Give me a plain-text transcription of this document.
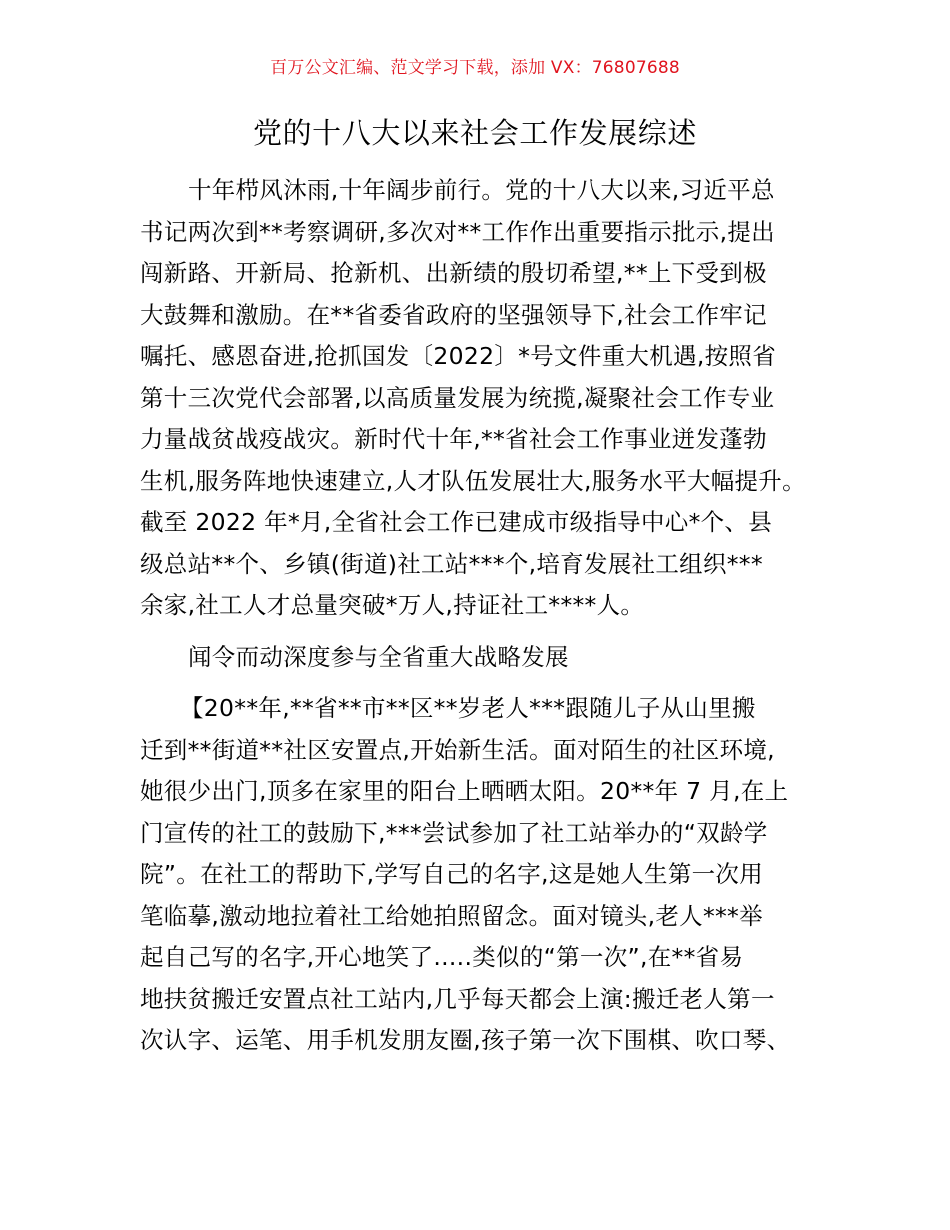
百万公文汇编、范文学习下载，添加 VX：76807688
党的十八大以来社会工作发展综述
十年栉风沐雨,十年阔步前行。党的十八大以来,习近平总
书记两次到**考察调研,多次对**工作作出重要指示批示,提出
闯新路、开新局、抢新机、出新绩的殷切希望,**上下受到极
大鼓舞和激励。在**省委省政府的坚强领导下,社会工作牢记
嘱托、感恩奋进,抢抓国发〔2022〕*号文件重大机遇,按照省
第十三次党代会部署,以高质量发展为统揽,凝聚社会工作专业
力量战贫战疫战灾。新时代十年,**省社会工作事业迸发蓬勃
生机,服务阵地快速建立,人才队伍发展壮大,服务水平大幅提升。
截至 2022 年*月,全省社会工作已建成市级指导中心*个、县
级总站**个、乡镇(街道)社工站***个,培育发展社工组织***
余家,社工人才总量突破*万人,持证社工****人。
闻令而动深度参与全省重大战略发展
【20**年,**省**市**区**岁老人***跟随儿子从山里搬
迁到**街道**社区安置点,开始新生活。面对陌生的社区环境,
她很少出门,顶多在家里的阳台上晒晒太阳。20**年 7 月,在上
门宣传的社工的鼓励下,***尝试参加了社工站举办的“双龄学
院”。在社工的帮助下,学写自己的名字,这是她人生第一次用
笔临摹,激动地拉着社工给她拍照留念。面对镜头,老人***举
起自己写的名字,开心地笑了.....类似的“第一次”,在**省易
地扶贫搬迁安置点社工站内,几乎每天都会上演:搬迁老人第一
次认字、运笔、用手机发朋友圈,孩子第一次下围棋、吹口琴、
